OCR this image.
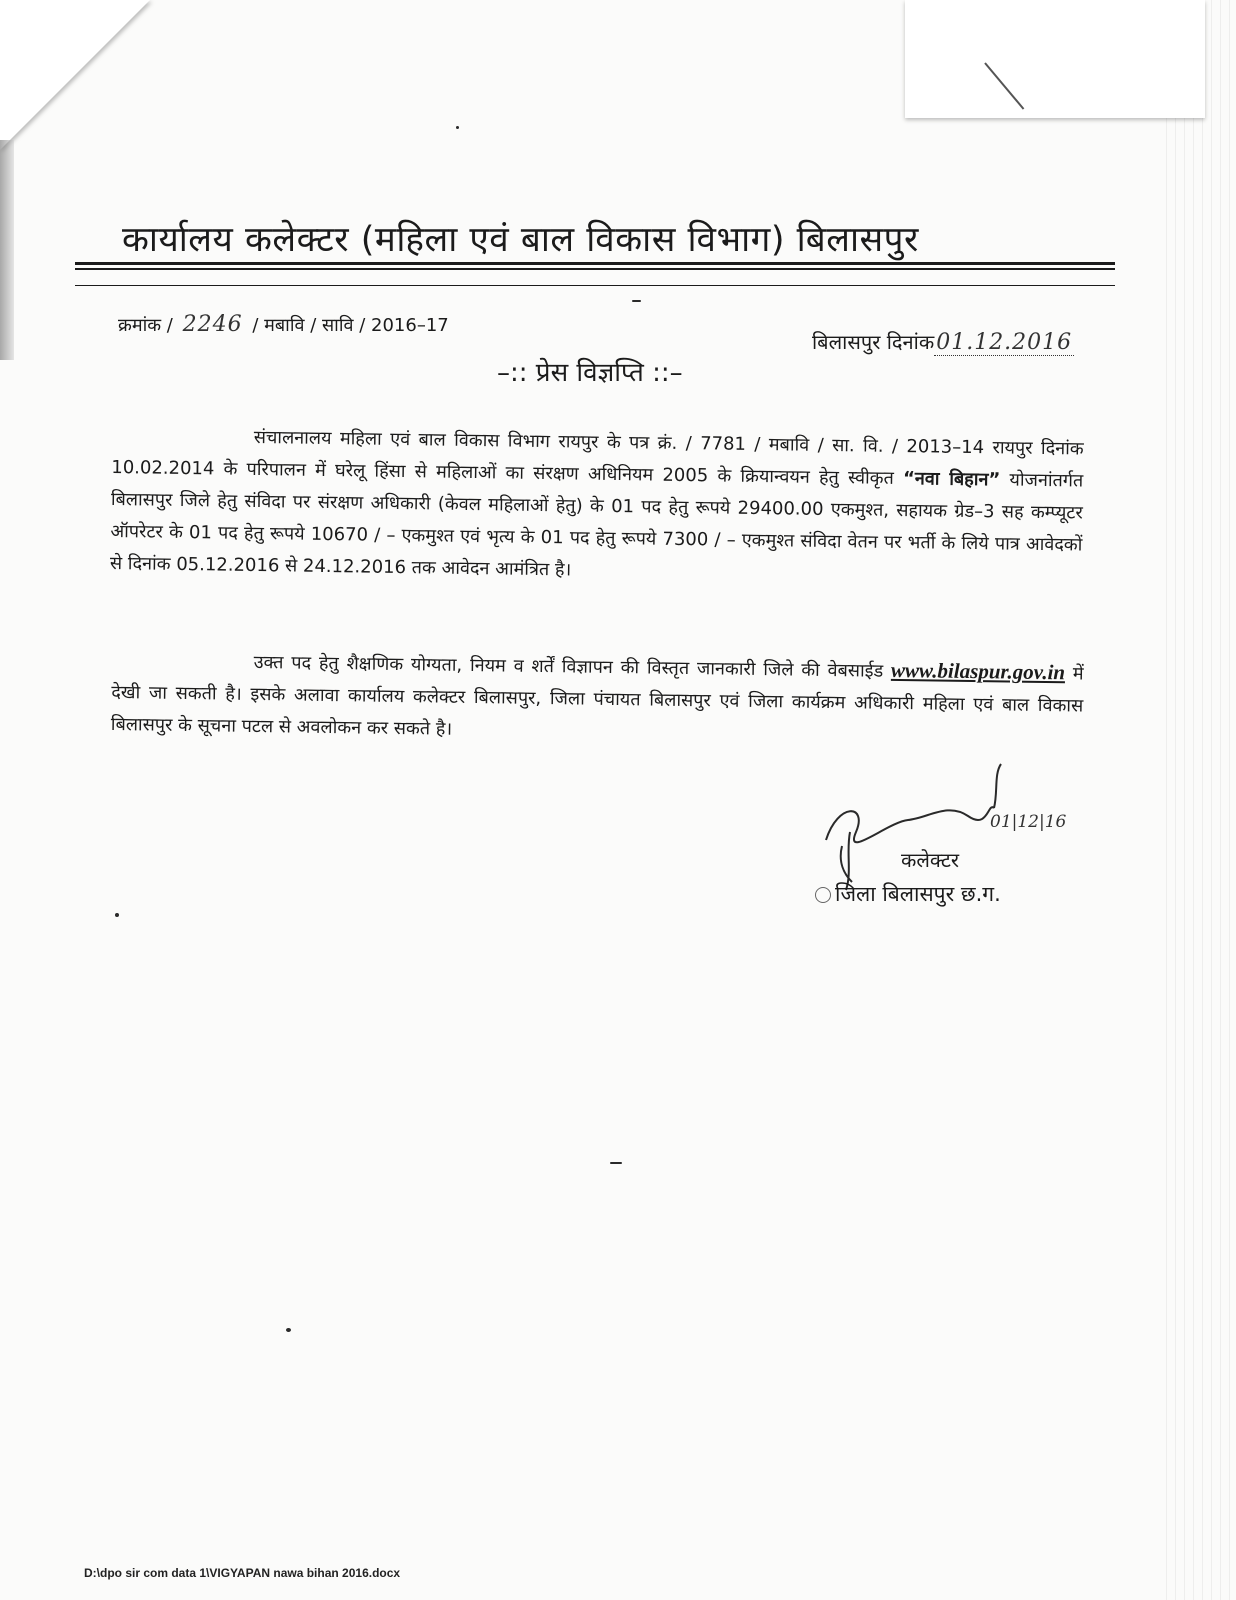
कार्यालय कलेक्टर (महिला एवं बाल विकास विभाग) बिलासपुर
क्रमांक / 2246 / मबावि / सावि / 2016–17
बिलासपुर दिनांक01.12.2016
–:: प्रेस विज्ञप्ति ::–
संचालनालय महिला एवं बाल विकास विभाग रायपुर के पत्र क्रं. / 7781 / मबावि / सा. वि. / 2013–14 रायपुर दिनांक 10.02.2014 के परिपालन में घरेलू हिंसा से महिलाओं का संरक्षण अधिनियम 2005 के क्रियान्वयन हेतु स्वीकृत “नवा बिहान” योजनांतर्गत बिलासपुर जिले हेतु संविदा पर संरक्षण अधिकारी (केवल महिलाओं हेतु) के 01 पद हेतु रूपये 29400.00 एकमुश्त, सहायक ग्रेड–3 सह कम्प्यूटर ऑपरेटर के 01 पद हेतु रूपये 10670 / – एकमुश्त एवं भृत्य के 01 पद हेतु रूपये 7300 / – एकमुश्त संविदा वेतन पर भर्ती के लिये पात्र आवेदकों से दिनांक 05.12.2016 से 24.12.2016 तक आवेदन आमंत्रित है।
उक्त पद हेतु शैक्षणिक योग्यता, नियम व शर्तें विज्ञापन की विस्तृत जानकारी जिले की वेबसाईड www.bilaspur.gov.in में देखी जा सकती है। इसके अलावा कार्यालय कलेक्टर बिलासपुर, जिला पंचायत बिलासपुर एवं जिला कार्यक्रम अधिकारी महिला एवं बाल विकास बिलासपुर के सूचना पटल से अवलोकन कर सकते है।
01|12|16
कलेक्टर
जिला बिलासपुर छ.ग.
D:\dpo sir com data 1\VIGYAPAN nawa bihan 2016.docx
